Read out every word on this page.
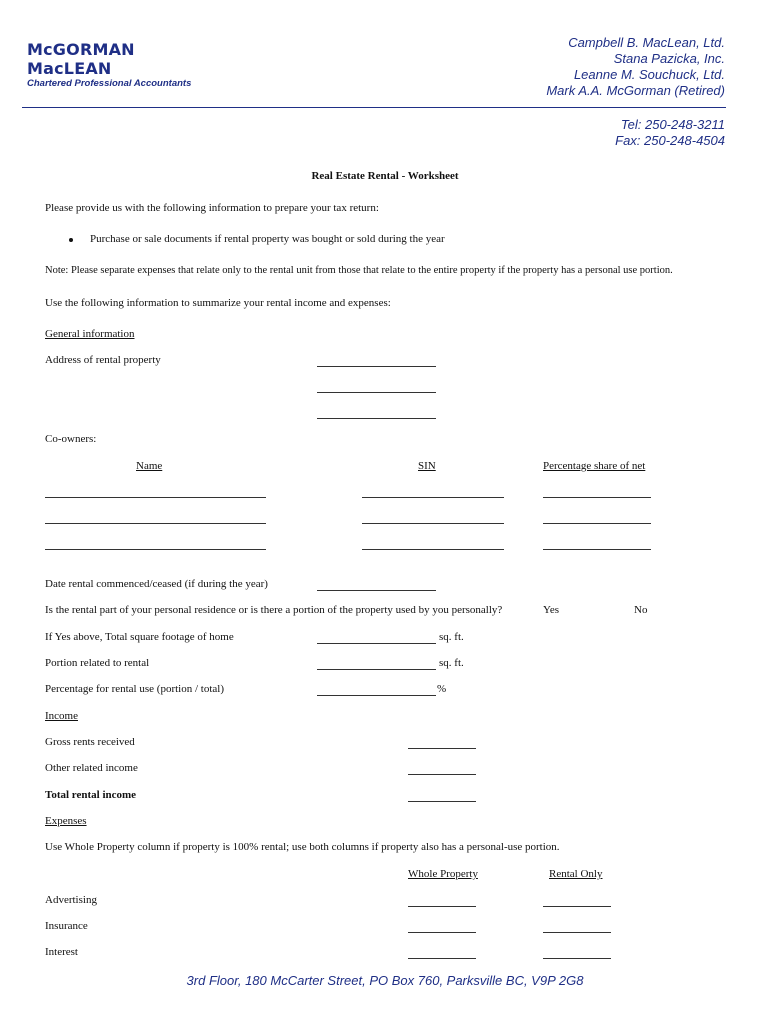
McGORMAN
MacLEAN
Chartered Professional Accountants
Campbell B. MacLean, Ltd.
Stana Pazicka, Inc.
Leanne M. Souchuck, Ltd.
Mark A.A. McGorman (Retired)
Tel: 250-248-3211
Fax: 250-248-4504
Real Estate Rental - Worksheet
Please provide us with the following information to prepare your tax return:
Purchase or sale documents if rental property was bought or sold during the year
Note: Please separate expenses that relate only to the rental unit from those that relate to the entire property if the property has a personal use portion.
Use the following information to summarize your rental income and expenses:
General information
Address of rental property
Co-owners:
Name	SIN	Percentage share of net
Date rental commenced/ceased (if during the year)
Is the rental part of your personal residence or is there a portion of the property used by you personally?	Yes	No
If Yes above, Total square footage of home	sq. ft.
Portion related to rental	sq. ft.
Percentage for rental use (portion / total)	%
Income
Gross rents received
Other related income
Total rental income
Expenses
Use Whole Property column if property is 100% rental; use both columns if property also has a personal-use portion.
Whole Property	Rental Only
Advertising
Insurance
Interest
3rd Floor, 180 McCarter Street, PO Box 760, Parksville BC, V9P 2G8
